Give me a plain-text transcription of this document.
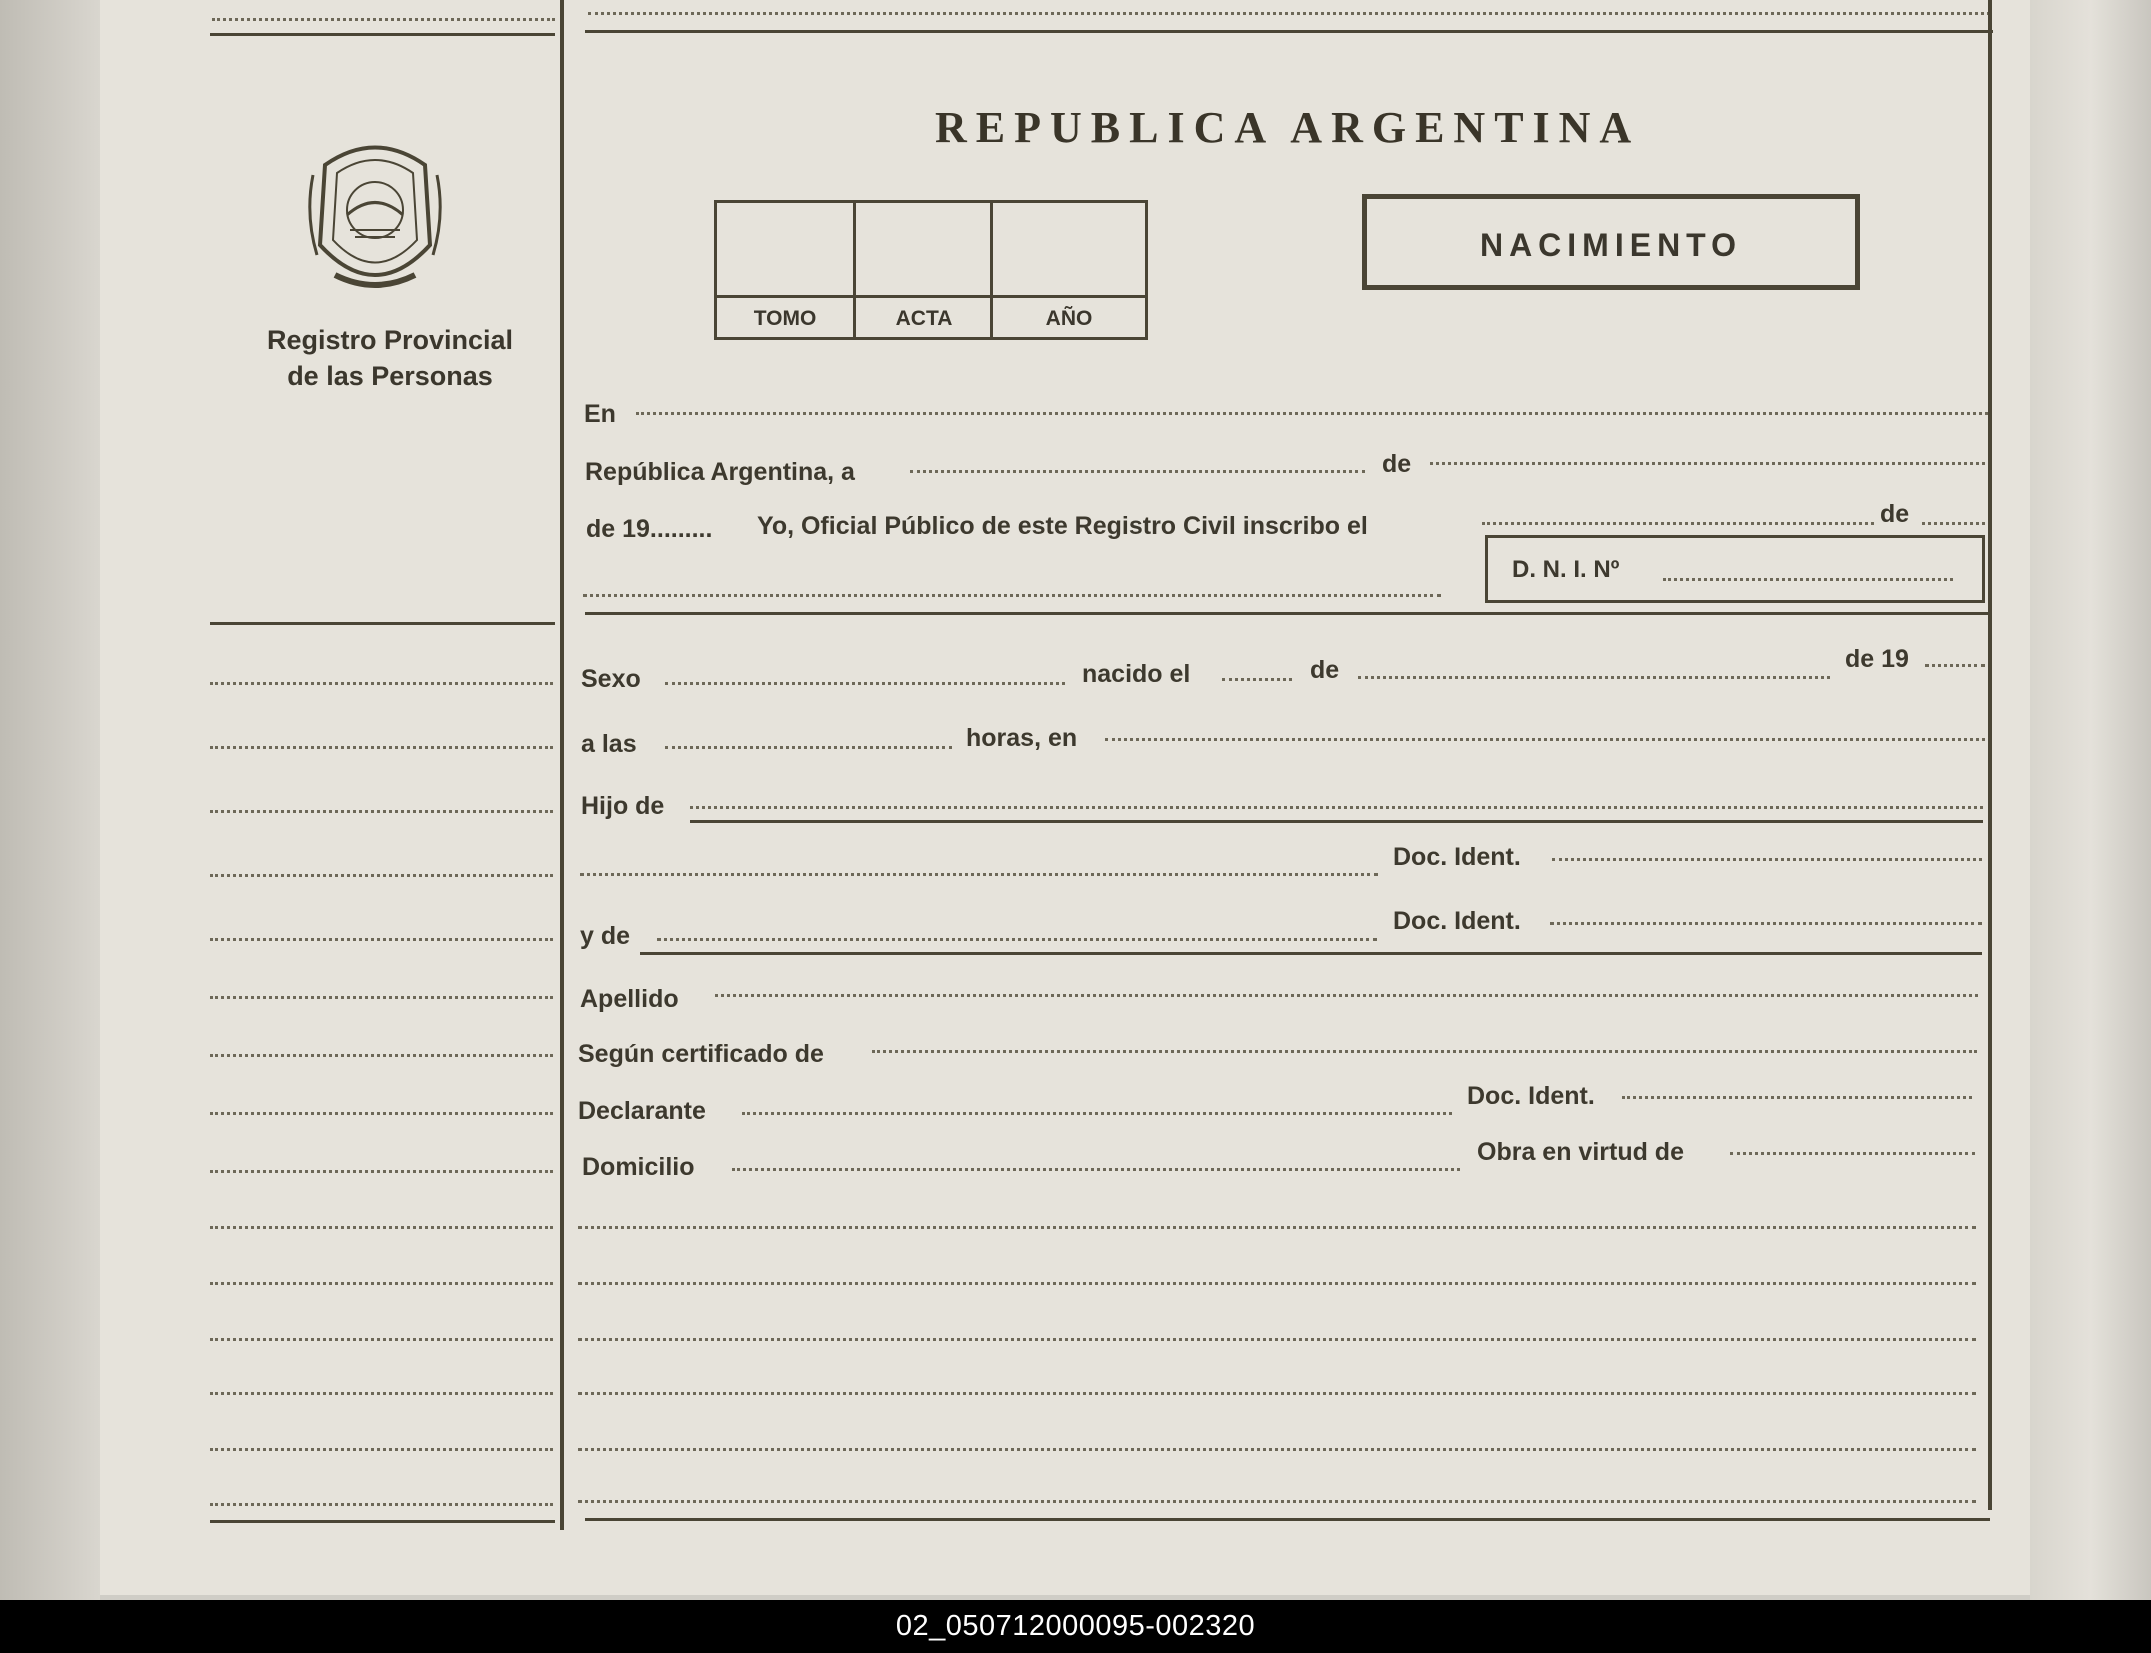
Registro Provincial
de las Personas
REPUBLICA ARGENTINA
TOMO	ACTA	AÑO
NACIMIENTO
En
República Argentina, a	de
de 19......... Yo, Oficial Público de este Registro Civil inscribo el	de
D. N. I. Nº
Sexo	nacido el	de	de 19
a las	horas, en
Hijo de
Doc. Ident.
y de
Doc. Ident.
Apellido
Según certificado de
Declarante
Doc. Ident.
Domicilio
Obra en virtud de
02_050712000095-002320
